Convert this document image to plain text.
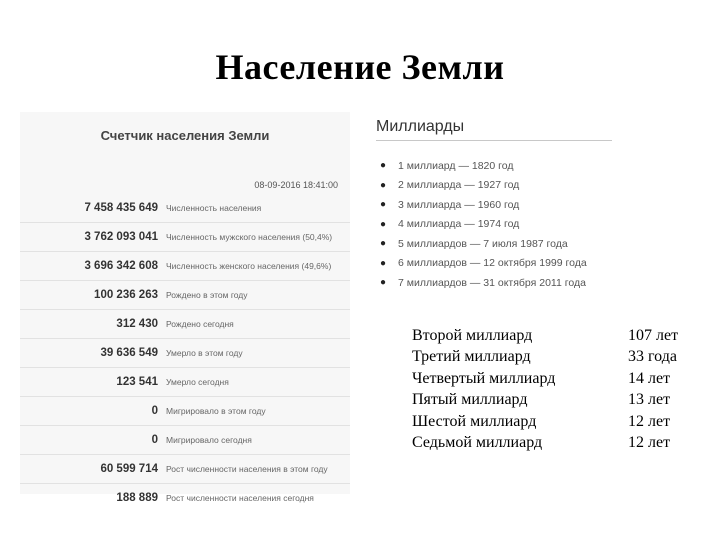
Население Земли
Счетчик населения Земли
08-09-2016 18:41:00
7 458 435 649 Численность населения
3 762 093 041 Численность мужского населения (50,4%)
3 696 342 608 Численность женского населения (49,6%)
100 236 263 Рождено в этом году
312 430 Рождено сегодня
39 636 549 Умерло в этом году
123 541 Умерло сегодня
0 Мигрировало в этом году
0 Мигрировало сегодня
60 599 714 Рост численности населения в этом году
188 889 Рост численности населения сегодня
Миллиарды
●	1 миллиард — 1820 год
●	2 миллиарда — 1927 год
●	3 миллиарда — 1960 год
●	4 миллиарда — 1974 год
●	5 миллиардов — 7 июля 1987 года
●	6 миллиардов — 12 октября 1999 года
●	7 миллиардов — 31 октября 2011 года
Второй миллиард	107 лет
Третий миллиард	33 года
Четвертый миллиард	14 лет
Пятый миллиард	13 лет
Шестой миллиард	12 лет
Седьмой миллиард	12 лет
